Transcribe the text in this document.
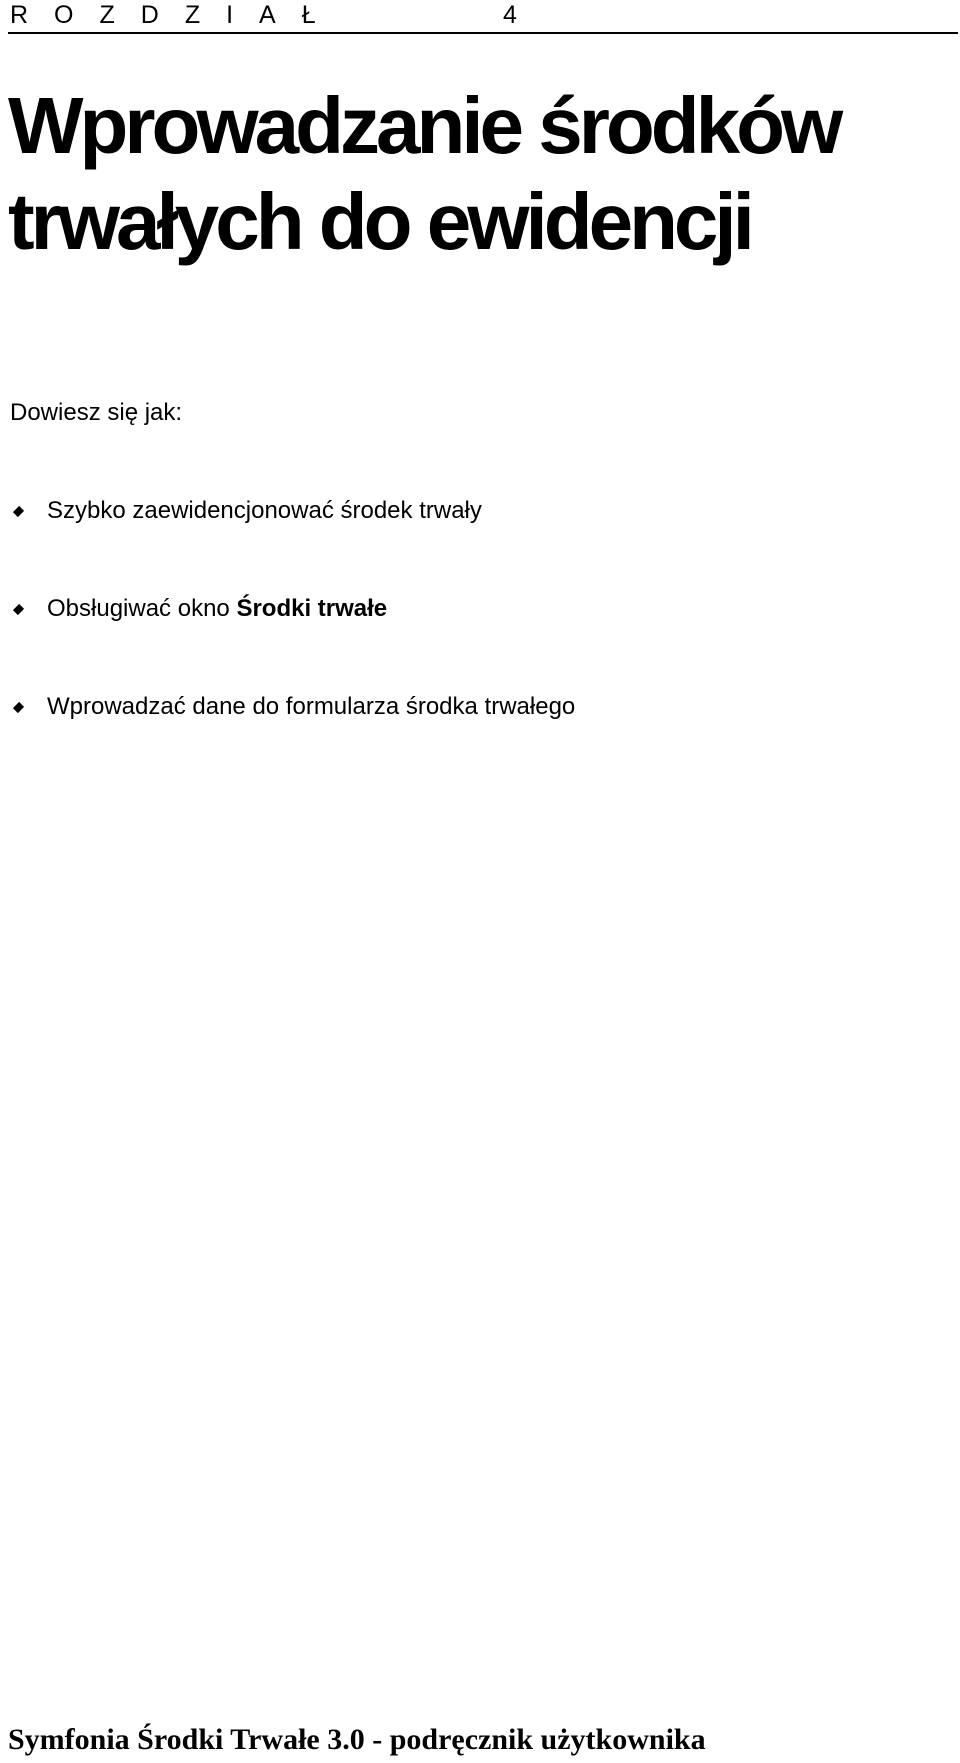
ROZDZIAŁ	4
Wprowadzanie środków
trwałych do ewidencji
Dowiesz się jak:
Szybko zaewidencjonować środek trwały
Obsługiwać okno Środki trwałe
Wprowadzać dane do formularza środka trwałego
Symfonia Środki Trwałe 3.0 - podręcznik użytkownika
